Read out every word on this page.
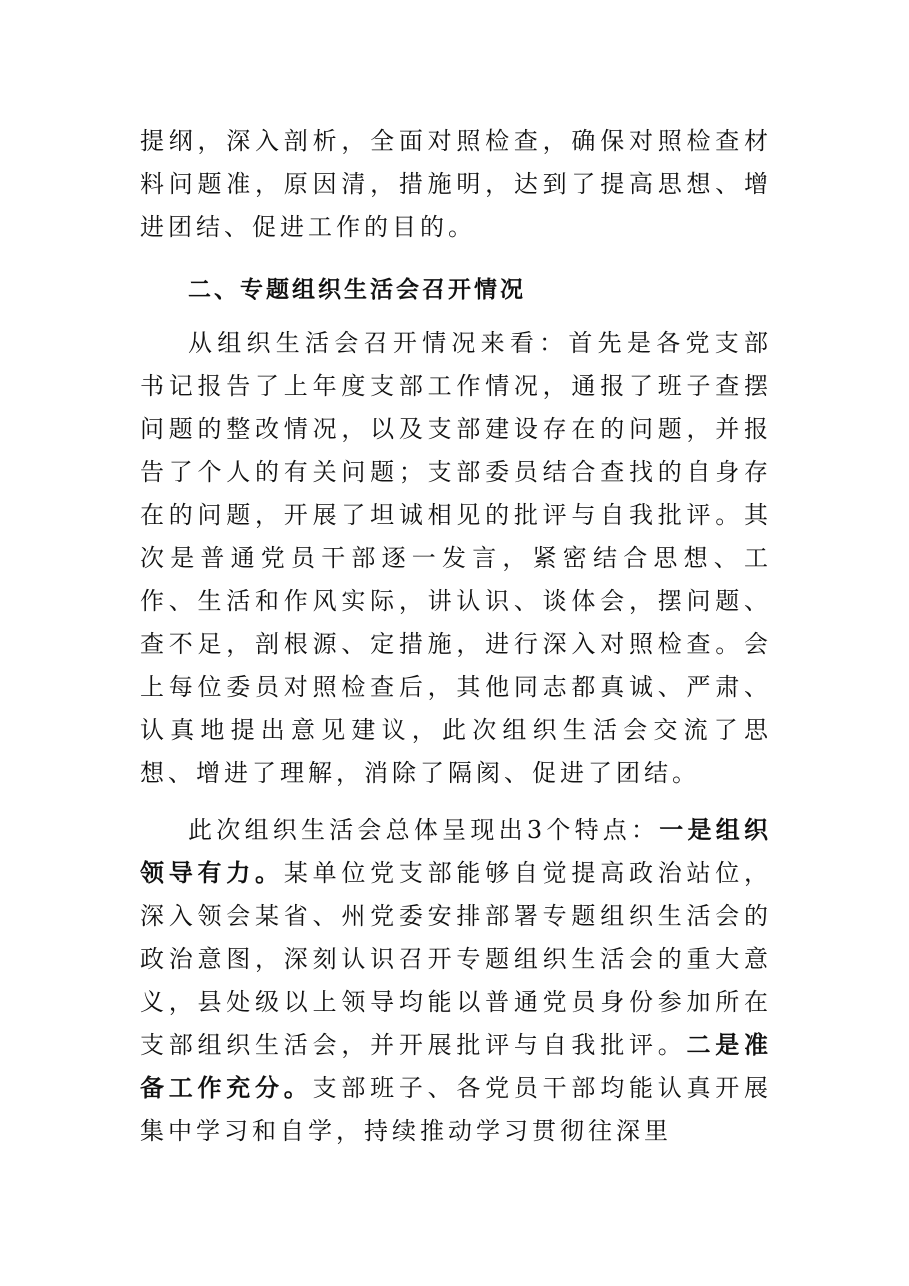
提纲，深入剖析，全面对照检查，确保对照检查材料问题准，原因清，措施明，达到了提高思想、增进团结、促进工作的目的。

二、专题组织生活会召开情况

从组织生活会召开情况来看：首先是各党支部书记报告了上年度支部工作情况，通报了班子查摆问题的整改情况，以及支部建设存在的问题，并报告了个人的有关问题；支部委员结合查找的自身存在的问题，开展了坦诚相见的批评与自我批评。其次是普通党员干部逐一发言，紧密结合思想、工作、生活和作风实际，讲认识、谈体会，摆问题、查不足，剖根源、定措施，进行深入对照检查。会上每位委员对照检查后，其他同志都真诚、严肃、认真地提出意见建议，此次组织生活会交流了思想、增进了理解，消除了隔阂、促进了团结。

此次组织生活会总体呈现出3个特点：一是组织领导有力。某单位党支部能够自觉提高政治站位，深入领会某省、州党委安排部署专题组织生活会的政治意图，深刻认识召开专题组织生活会的重大意义，县处级以上领导均能以普通党员身份参加所在支部组织生活会，并开展批评与自我批评。二是准备工作充分。支部班子、各党员干部均能认真开展集中学习和自学，持续推动学习贯彻往深里
